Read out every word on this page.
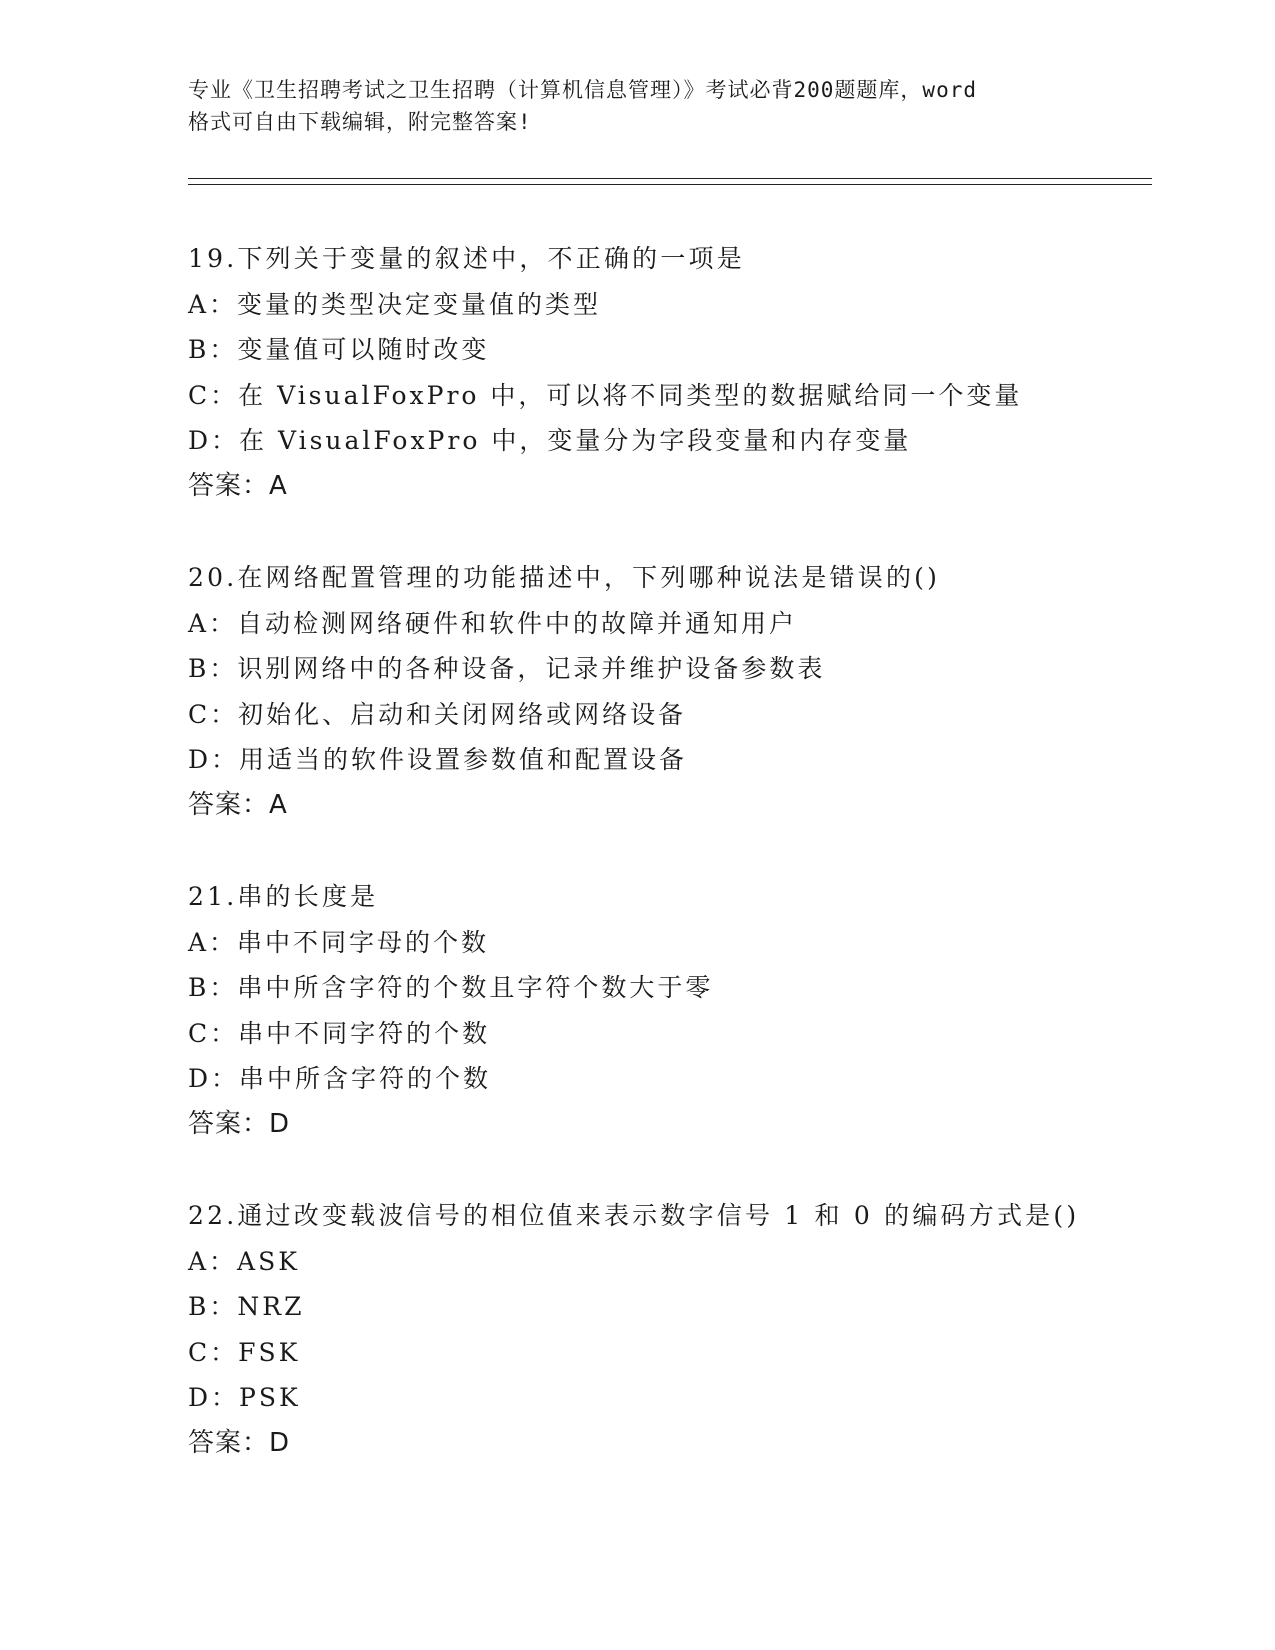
专业《卫生招聘考试之卫生招聘（计算机信息管理）》考试必背200题题库，word
格式可自由下载编辑，附完整答案!
19.下列关于变量的叙述中，不正确的一项是
A：变量的类型决定变量值的类型
B：变量值可以随时改变
C：在 VisualFoxPro 中，可以将不同类型的数据赋给同一个变量
D：在 VisualFoxPro 中，变量分为字段变量和内存变量
答案：A
20.在网络配置管理的功能描述中，下列哪种说法是错误的()
A：自动检测网络硬件和软件中的故障并通知用户
B：识别网络中的各种设备，记录并维护设备参数表
C：初始化、启动和关闭网络或网络设备
D：用适当的软件设置参数值和配置设备
答案：A
21.串的长度是
A：串中不同字母的个数
B：串中所含字符的个数且字符个数大于零
C：串中不同字符的个数
D：串中所含字符的个数
答案：D
22.通过改变载波信号的相位值来表示数字信号 1 和 0 的编码方式是()
A：ASK
B：NRZ
C：FSK
D：PSK
答案：D
